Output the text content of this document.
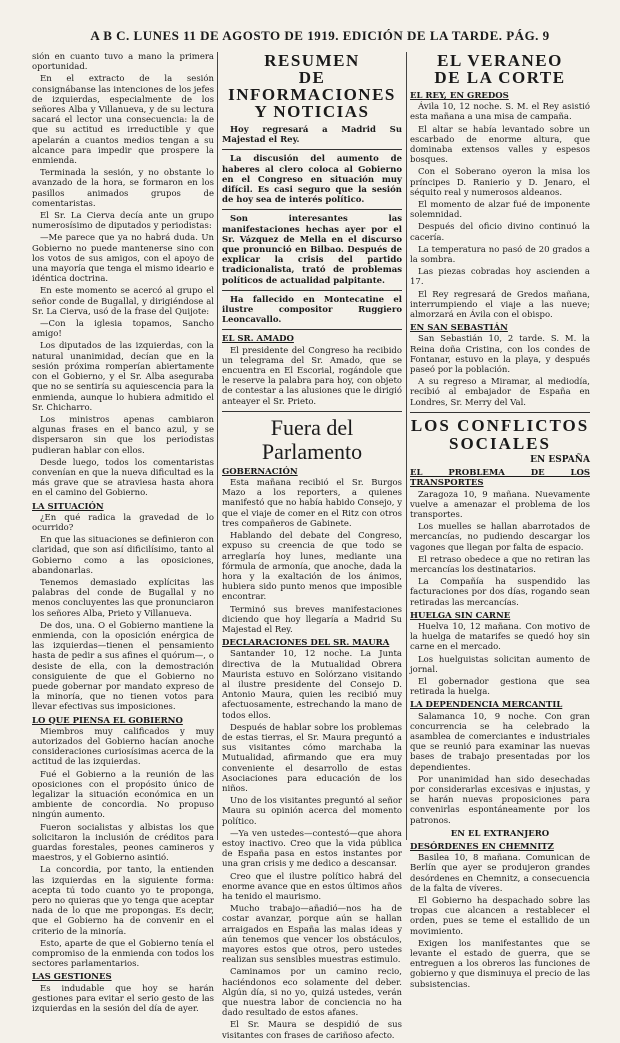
A B C. LUNES 11 DE AGOSTO DE 1919. EDICIÓN DE LA TARDE. PÁG. 9

sión en cuanto tuvo a mano la primera oportunidad.

En el extracto de la sesión consignábanse las intenciones de los jefes de izquierdas, especialmente de los señores Alba y Villanueva, y de su lectura sacará el lector una consecuencia: la de que su actitud es irreductible y que apelarán a cuantos medios tengan a su alcance para impedir que prospere la enmienda.

Terminada la sesión, y no obstante lo avanzado de la hora, se formaron en los pasillos animados grupos de comentaristas.

El Sr. La Cierva decía ante un grupo numerosísimo de diputados y periodistas:

—Me parece que ya no habrá duda. Un Gobierno no puede mantenerse sino con los votos de sus amigos, con el apoyo de una mayoría que tenga el mismo ideario e idéntica doctrina.

En este momento se acercó al grupo el señor conde de Bugallal, y dirigiéndose al Sr. La Cierva, usó de la frase del Quijote:

—Con la iglesia topamos, Sancho amigo!

Los diputados de las izquierdas, con la natural unanimidad, decían que en la sesión próxima romperían abiertamente con el Gobierno, y el Sr. Alba aseguraba que no se sentiría su aquiescencia para la enmienda, aunque lo hubiera admitido el Sr. Chicharro.

Los ministros apenas cambiaron algunas frases en el banco azul, y se dispersaron sin que los periodistas pudieran hablar con ellos.

Desde luego, todos los comentaristas convenían en que la nueva dificultad es la más grave que se atraviesa hasta ahora en el camino del Gobierno.

LA SITUACIÓN

¿En qué radica la gravedad de lo ocurrido?

En que las situaciones se definieron con claridad, que son así dificilísimo, tanto al Gobierno como a las oposiciones, abandonarlas.

Tenemos demasiado explícitas las palabras del conde de Bugallal y no menos concluyentes las que pronunciaron los señores Alba, Prieto y Villanueva.

De dos, una. O el Gobierno mantiene la enmienda, con la oposición enérgica de las izquierdas—tienen el pensamiento hasta de pedir a sus afines el quórum—, o desiste de ella, con la demostración consiguiente de que el Gobierno no puede gobernar por mandato expreso de la minoría, que no tienen votos para llevar efectivas sus imposiciones.

LO QUE PIENSA EL GOBIERNO

Miembros muy calificados y muy autorizados del Gobierno hacían anoche consideraciones curiosísimas acerca de la actitud de las izquierdas.

Fué el Gobierno a la reunión de las oposiciones con el propósito único de legalizar la situación económica en un ambiente de concordia. No propuso ningún aumento.

Fueron socialistas y albistas los que solicitaron la inclusión de créditos para guardas forestales, peones camineros y maestros, y el Gobierno asintió.

La concordia, por tanto, la entienden las izquierdas en la siguiente forma: acepta tú todo cuanto yo te proponga, pero no quieras que yo tenga que aceptar nada de lo que me propongas. Es decir, que el Gobierno ha de convenir en el criterio de la minoría.

Esto, aparte de que el Gobierno tenía el compromiso de la enmienda con todos los sectores parlamentarios.

LAS GESTIONES

Es indudable que hoy se harán gestiones para evitar el serio gesto de las izquierdas en la sesión del día de ayer.

RESUMEN
DE INFORMACIONES
Y NOTICIAS

Hoy regresará a Madrid Su Majestad el Rey.

La discusión del aumento de haberes al clero coloca al Gobierno en el Congreso en situación muy difícil. Es casi seguro que la sesión de hoy sea de interés político.

Son interesantes las manifestaciones hechas ayer por el Sr. Vázquez de Mella en el discurso que pronunció en Bilbao. Después de explicar la crisis del partido tradicionalista, trató de problemas políticos de actualidad palpitante.

Ha fallecido en Montecatine el ilustre compositor Ruggiero Leoncavallo.

EL SR. AMADO

El presidente del Congreso ha recibido un telegrama del Sr. Amado, que se encuentra en El Escorial, rogándole que le reserve la palabra para hoy, con objeto de contestar a las alusiones que le dirigió anteayer el Sr. Prieto.

Fuera del Parlamento
GOBERNACIÓN

Esta mañana recibió el Sr. Burgos Mazo a los reporters, a quienes manifestó que no había habido Consejo, y que el viaje de comer en el Ritz con otros tres compañeros de Gabinete.

Hablando del debate del Congreso, expuso su creencia de que todo se arreglaría hoy lunes, mediante una fórmula de armonía, que anoche, dada la hora y la exaltación de los ánimos, hubiera sido punto menos que imposible encontrar.

Terminó sus breves manifestaciones diciendo que hoy llegaría a Madrid Su Majestad el Rey.

DECLARACIONES DEL SR. MAURA

Santander 10, 12 noche. La Junta directiva de la Mutualidad Obrera Maurista estuvo en Solórzano visitando al ilustre presidente del Consejo D. Antonio Maura, quien les recibió muy afectuosamente, estrechando la mano de todos ellos.

Después de hablar sobre los problemas de estas tierras, el Sr. Maura preguntó a sus visitantes cómo marchaba la Mutualidad, afirmando que era muy conveniente el desarrollo de estas Asociaciones para educación de los niños.

Uno de los visitantes preguntó al señor Maura su opinión acerca del momento político.

—Ya ven ustedes—contestó—que ahora estoy inactivo. Creo que la vida pública de España pasa en estos instantes por una gran crisis y me dedico a descansar.

Creo que el ilustre político habrá del enorme avance que en estos últimos años ha tenido el maurismo.

Mucho trabajo—añadió—nos ha de costar avanzar, porque aún se hallan arraigados en España las malas ideas y aún tenemos que vencer los obstáculos, mayores estos que otros, pero ustedes realizan sus sensibles muestras estimulo.

Caminamos por un camino recio, haciéndonos eco solamente del deber. Algún día, si no yo, quizá ustedes, verán que nuestra labor de conciencia no ha dado resultado de estos afanes.

El Sr. Maura se despidió de sus visitantes con frases de cariñoso afecto.

EL VERANEO
DE LA CORTE
EL REY, EN GREDOS

Ávila 10, 12 noche. S. M. el Rey asistió esta mañana a una misa de campaña.

El altar se había levantado sobre un escarbado de enorme altura, que dominaba extensos valles y espesos bosques.

Con el Soberano oyeron la misa los príncipes D. Ranierio y D. Jenaro, el séquito real y numerosos aldeanos.

El momento de alzar fué de imponente solemnidad.

Después del oficio divino continuó la cacería.

La temperatura no pasó de 20 grados a la sombra.

Las piezas cobradas hoy ascienden a 17.

El Rey regresará de Gredos mañana, interrumpiendo el viaje a las nueve; almorzará en Ávila con el obispo.

EN SAN SEBASTIÁN

San Sebastián 10, 2 tarde. S. M. la Reina doña Cristina, con los condes de Fontanar, estuvo en la playa, y después paseó por la población.

A su regreso a Miramar, al mediodía, recibió al embajador de España en Londres, Sr. Merry del Val.

LOS CONFLICTOS
SOCIALES
EN ESPAÑA
EL PROBLEMA DE LOS TRANSPORTES

Zaragoza 10, 9 mañana. Nuevamente vuelve a amenazar el problema de los transportes.

Los muelles se hallan abarrotados de mercancías, no pudiendo descargar los vagones que llegan por falta de espacio.

El retraso obedece a que no retiran las mercancías los destinatarios.

La Compañía ha suspendido las facturaciones por dos días, rogando sean retiradas las mercancías.

HUELGA SIN CARNE

Huelva 10, 12 mañana. Con motivo de la huelga de matarifes se quedó hoy sin carne en el mercado.

Los huelguistas solicitan aumento de jornal.

El gobernador gestiona que sea retirada la huelga.

LA DEPENDENCIA MERCANTIL

Salamanca 10, 9 noche. Con gran concurrencia se ha celebrado la asamblea de comerciantes e industriales que se reunió para examinar las nuevas bases de trabajo presentadas por los dependientes.

Por unanimidad han sido desechadas por considerarlas excesivas e injustas, y se harán nuevas proposiciones para convenirlas espontáneamente por los patronos.

EN EL EXTRANJERO
DESÓRDENES EN CHEMNITZ

Basilea 10, 8 mañana. Comunican de Berlín que ayer se produjeron grandes desórdenes en Chemnitz, a consecuencia de la falta de víveres.

El Gobierno ha despachado sobre las tropas cue alcancen a restablecer el orden, pues se teme el estallido de un movimiento.

Exigen los manifestantes que se levante el estado de guerra, que se entreguen a los obreros las funciones de gobierno y que disminuya el precio de las subsistencias.
